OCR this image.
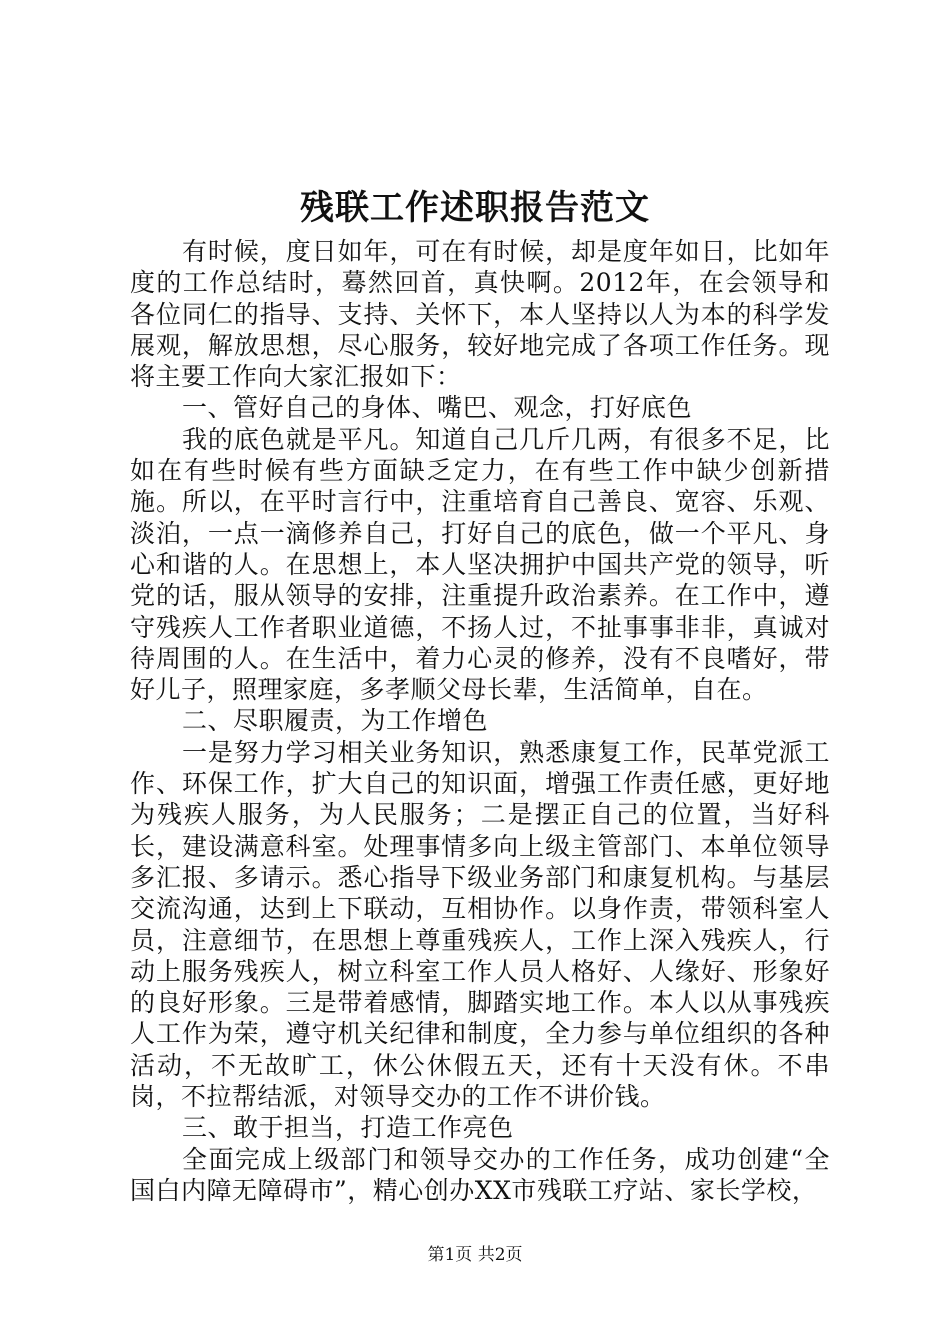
残联工作述职报告范文

有时候，度日如年，可在有时候，却是度年如日，比如年度的工作总结时，蓦然回首，真快啊。2012年，在会领导和各位同仁的指导、支持、关怀下，本人坚持以人为本的科学发展观，解放思想，尽心服务，较好地完成了各项工作任务。现将主要工作向大家汇报如下：

一、管好自己的身体、嘴巴、观念，打好底色

我的底色就是平凡。知道自己几斤几两，有很多不足，比如在有些时候有些方面缺乏定力，在有些工作中缺少创新措施。所以，在平时言行中，注重培育自己善良、宽容、乐观、淡泊，一点一滴修养自己，打好自己的底色，做一个平凡、身心和谐的人。在思想上，本人坚决拥护中国共产党的领导，听党的话，服从领导的安排，注重提升政治素养。在工作中，遵守残疾人工作者职业道德，不扬人过，不扯事事非非，真诚对待周围的人。在生活中，着力心灵的修养，没有不良嗜好，带好儿子，照理家庭，多孝顺父母长辈，生活简单，自在。

二、尽职履责，为工作增色

一是努力学习相关业务知识，熟悉康复工作，民革党派工作、环保工作，扩大自己的知识面，增强工作责任感，更好地为残疾人服务，为人民服务；二是摆正自己的位置，当好科长，建设满意科室。处理事情多向上级主管部门、本单位领导多汇报、多请示。悉心指导下级业务部门和康复机构。与基层交流沟通，达到上下联动，互相协作。以身作责，带领科室人员，注意细节，在思想上尊重残疾人，工作上深入残疾人，行动上服务残疾人，树立科室工作人员人格好、人缘好、形象好的良好形象。三是带着感情，脚踏实地工作。本人以从事残疾人工作为荣，遵守机关纪律和制度，全力参与单位组织的各种活动，不无故旷工，休公休假五天，还有十天没有休。不串岗，不拉帮结派，对领导交办的工作不讲价钱。

三、敢于担当，打造工作亮色

全面完成上级部门和领导交办的工作任务，成功创建“全国白内障无障碍市”，精心创办XX市残联工疗站、家长学校，

第1页 共2页
